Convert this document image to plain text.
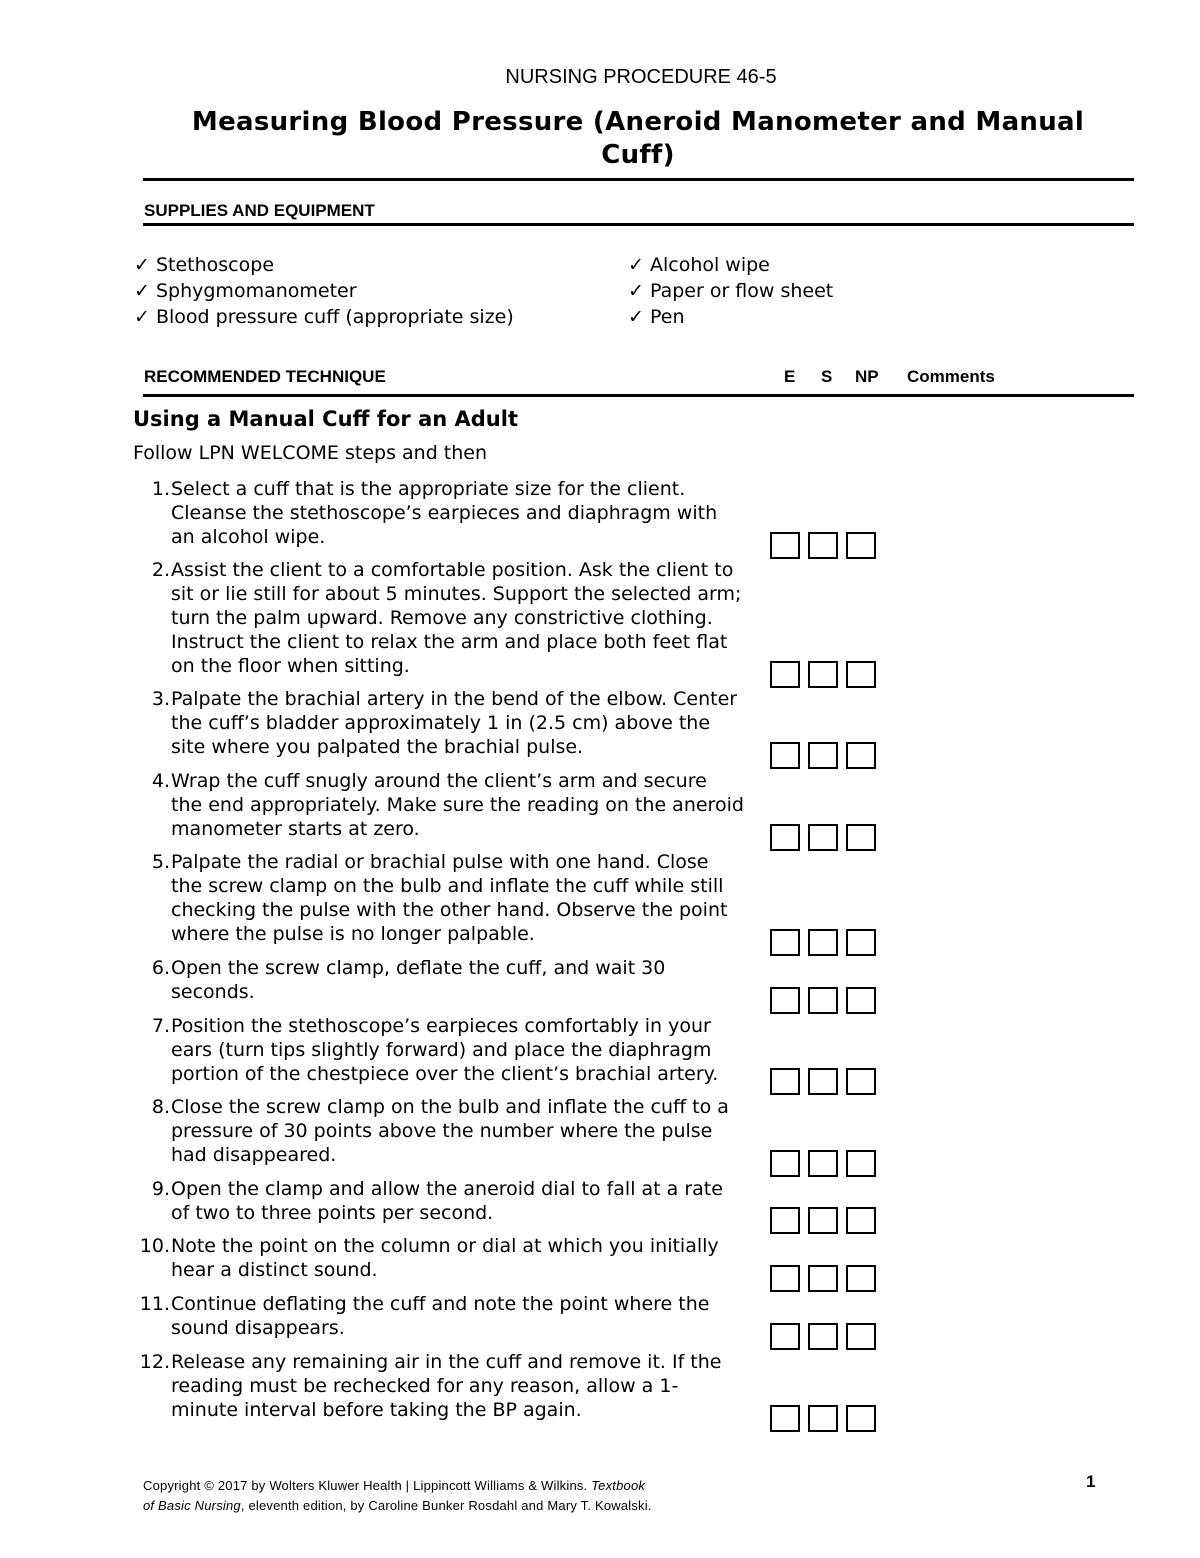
NURSING PROCEDURE 46-5
Measuring Blood Pressure (Aneroid Manometer and Manual Cuff)
SUPPLIES AND EQUIPMENT
✓ Stethoscope
✓ Sphygmomanometer
✓ Blood pressure cuff (appropriate size)
✓ Alcohol wipe
✓ Paper or flow sheet
✓ Pen
RECOMMENDED TECHNIQUE	E S NP Comments
Using a Manual Cuff for an Adult
Follow LPN WELCOME steps and then
1. Select a cuff that is the appropriate size for the client.
Cleanse the stethoscope’s earpieces and diaphragm with
an alcohol wipe.
2. Assist the client to a comfortable position. Ask the client to
sit or lie still for about 5 minutes. Support the selected arm;
turn the palm upward. Remove any constrictive clothing.
Instruct the client to relax the arm and place both feet flat
on the floor when sitting.
3. Palpate the brachial artery in the bend of the elbow. Center
the cuff’s bladder approximately 1 in (2.5 cm) above the
site where you palpated the brachial pulse.
4. Wrap the cuff snugly around the client’s arm and secure
the end appropriately. Make sure the reading on the aneroid
manometer starts at zero.
5. Palpate the radial or brachial pulse with one hand. Close
the screw clamp on the bulb and inflate the cuff while still
checking the pulse with the other hand. Observe the point
where the pulse is no longer palpable.
6. Open the screw clamp, deflate the cuff, and wait 30
seconds.
7. Position the stethoscope’s earpieces comfortably in your
ears (turn tips slightly forward) and place the diaphragm
portion of the chestpiece over the client’s brachial artery.
8. Close the screw clamp on the bulb and inflate the cuff to a
pressure of 30 points above the number where the pulse
had disappeared.
9. Open the clamp and allow the aneroid dial to fall at a rate
of two to three points per second.
10. Note the point on the column or dial at which you initially
hear a distinct sound.
11. Continue deflating the cuff and note the point where the
sound disappears.
12. Release any remaining air in the cuff and remove it. If the
reading must be rechecked for any reason, allow a 1-
minute interval before taking the BP again.
Copyright © 2017 by Wolters Kluwer Health | Lippincott Williams & Wilkins. Textbook
of Basic Nursing, eleventh edition, by Caroline Bunker Rosdahl and Mary T. Kowalski.
1
